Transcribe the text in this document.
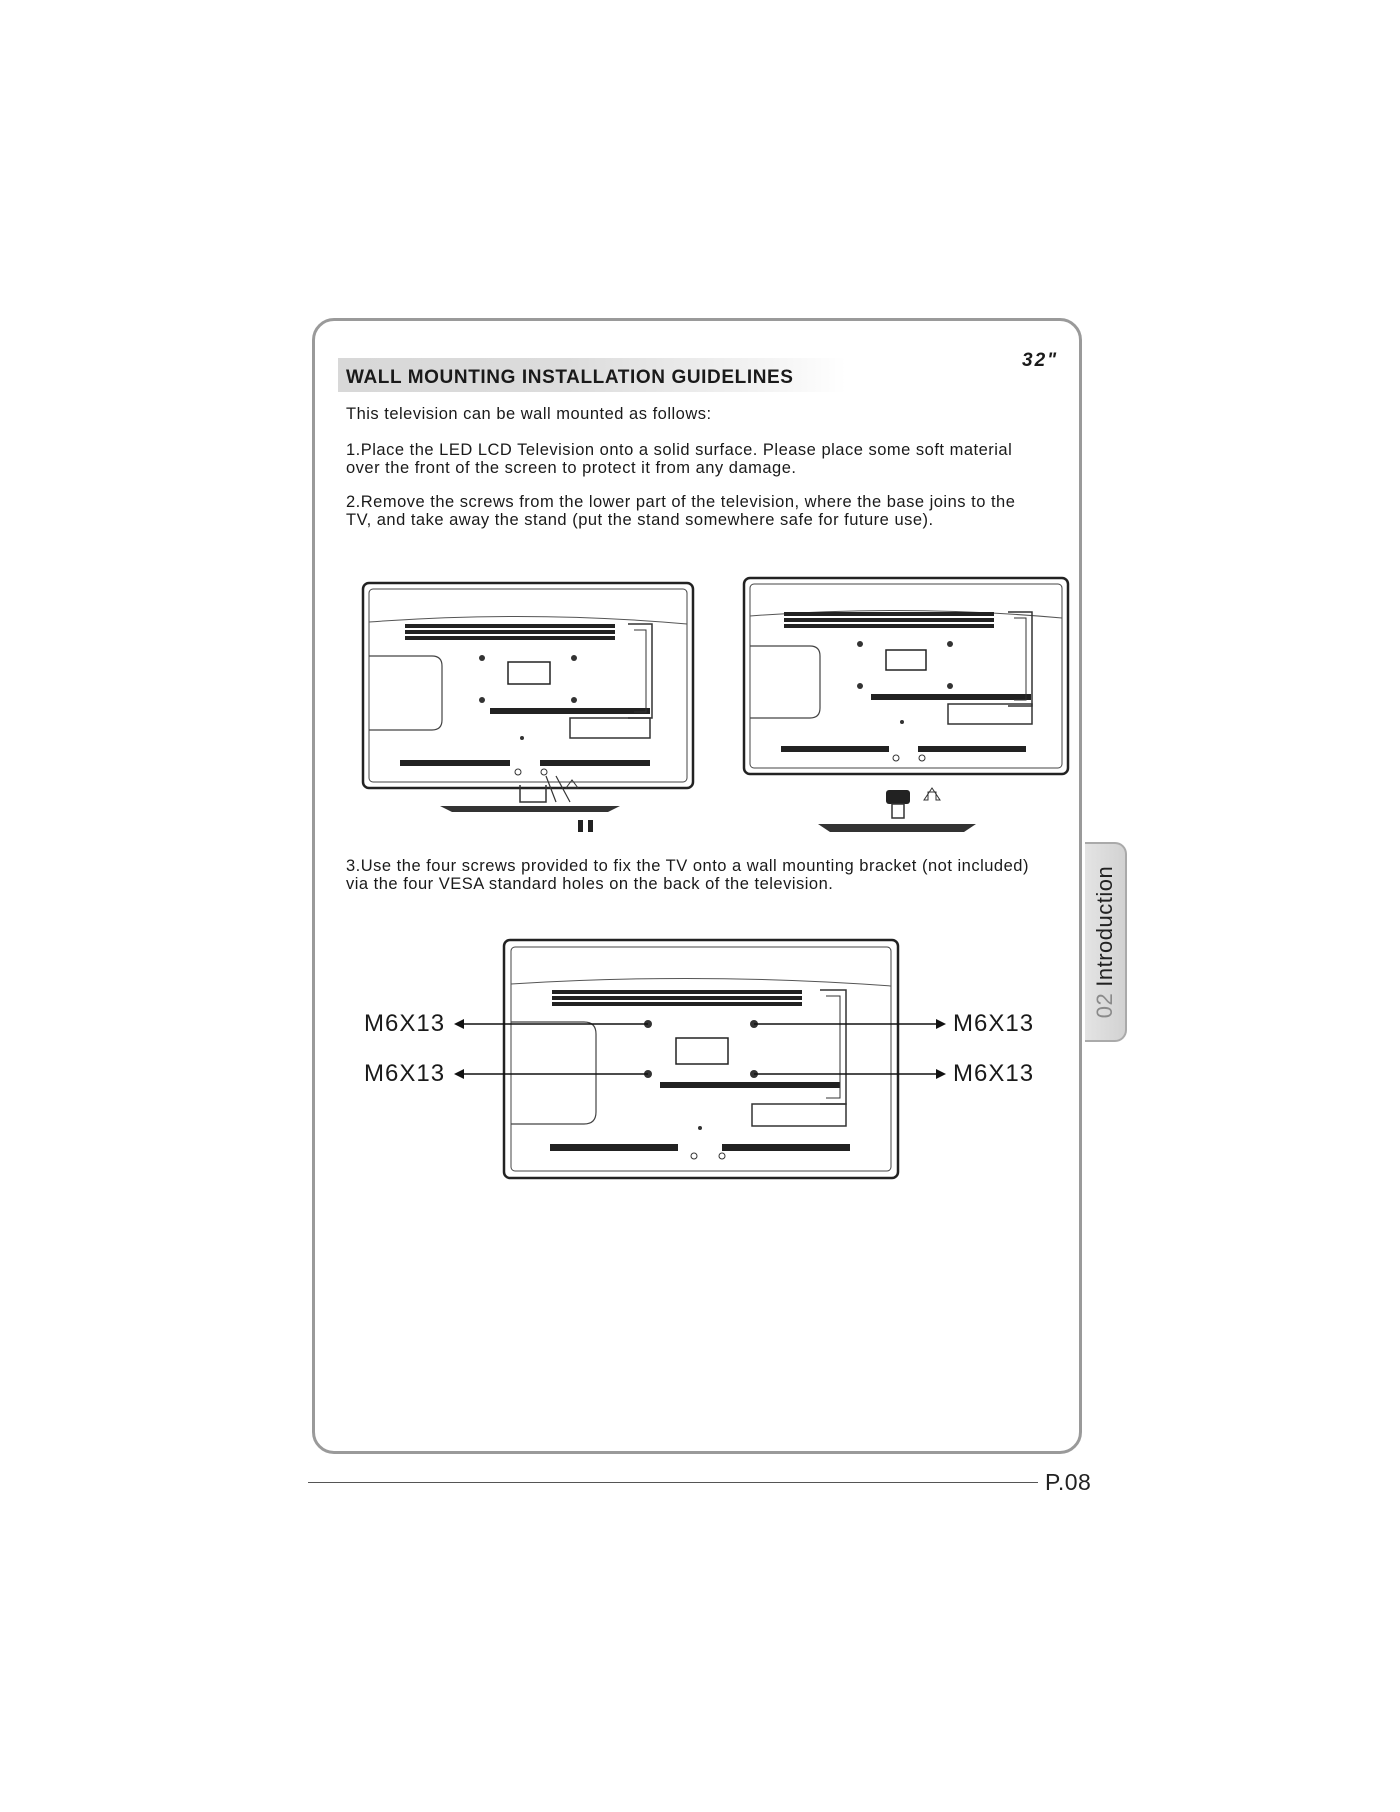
32"
WALL MOUNTING INSTALLATION GUIDELINES

This television can be wall mounted as follows:

1.Place the LED LCD Television onto a solid surface. Please place some soft material

over the front of the screen to protect it from any damage.

2.Remove the screws from the lower part of the television, where the base joins to the

TV, and take away the stand (put the stand somewhere safe for future use).

3.Use the four screws provided to fix the TV onto a wall mounting bracket (not included)

via the four VESA standard holes on the back of the television.

M6X13	M6X13
M6X13	M6X13
02Introduction
P.08
